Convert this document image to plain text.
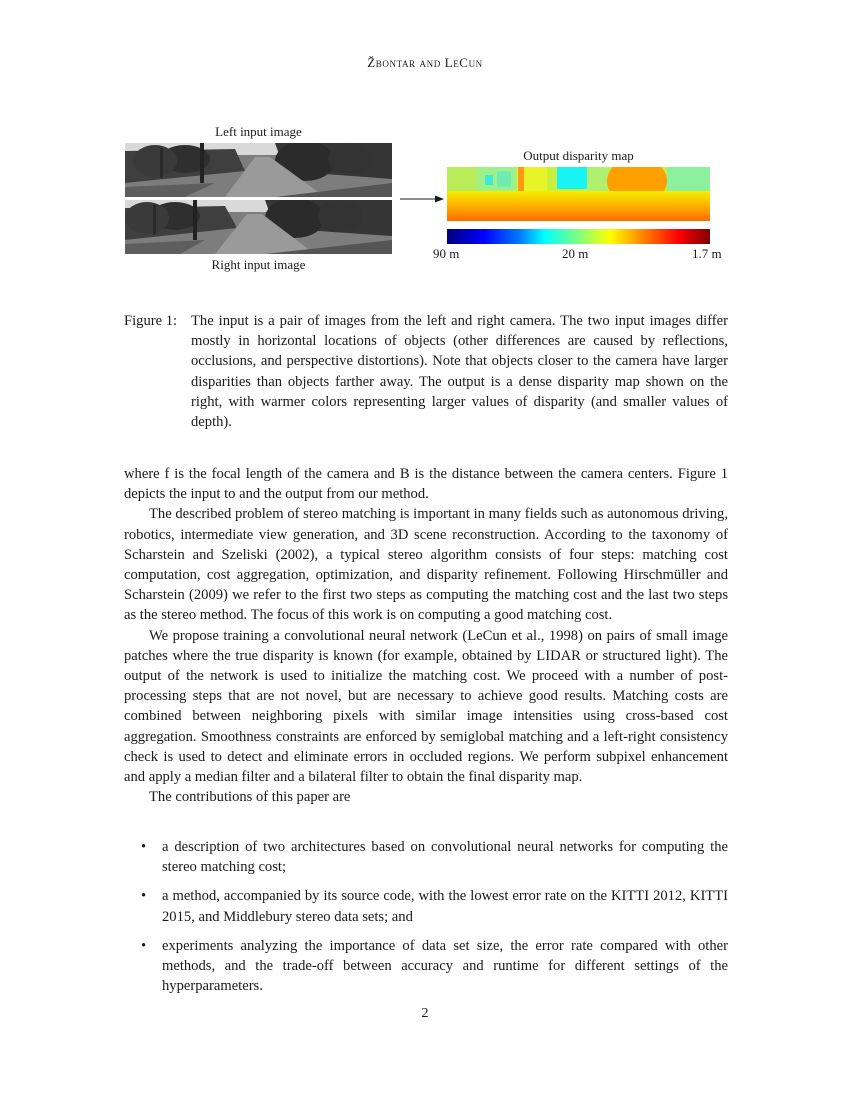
Žbontar and LeCun
Left input image
Right input image
Output disparity map
90 m	20 m	1.7 m
Figure 1: The input is a pair of images from the left and right camera. The two input images differ mostly in horizontal locations of objects (other differences are caused by reflections, occlusions, and perspective distortions). Note that objects closer to the camera have larger disparities than objects farther away. The output is a dense disparity map shown on the right, with warmer colors representing larger values of disparity (and smaller values of depth).

where f is the focal length of the camera and B is the distance between the camera centers. Figure 1 depicts the input to and the output from our method.

The described problem of stereo matching is important in many fields such as autonomous driving, robotics, intermediate view generation, and 3D scene reconstruction. According to the taxonomy of Scharstein and Szeliski (2002), a typical stereo algorithm consists of four steps: matching cost computation, cost aggregation, optimization, and disparity refinement. Following Hirschmüller and Scharstein (2009) we refer to the first two steps as computing the matching cost and the last two steps as the stereo method. The focus of this work is on computing a good matching cost.

We propose training a convolutional neural network (LeCun et al., 1998) on pairs of small image patches where the true disparity is known (for example, obtained by LIDAR or structured light). The output of the network is used to initialize the matching cost. We proceed with a number of post-processing steps that are not novel, but are necessary to achieve good results. Matching costs are combined between neighboring pixels with similar image intensities using cross-based cost aggregation. Smoothness constraints are enforced by semiglobal matching and a left-right consistency check is used to detect and eliminate errors in occluded regions. We perform subpixel enhancement and apply a median filter and a bilateral filter to obtain the final disparity map.

The contributions of this paper are

• a description of two architectures based on convolutional neural networks for computing the stereo matching cost;
• a method, accompanied by its source code, with the lowest error rate on the KITTI 2012, KITTI 2015, and Middlebury stereo data sets; and
• experiments analyzing the importance of data set size, the error rate compared with other methods, and the trade-off between accuracy and runtime for different settings of the hyperparameters.
2
